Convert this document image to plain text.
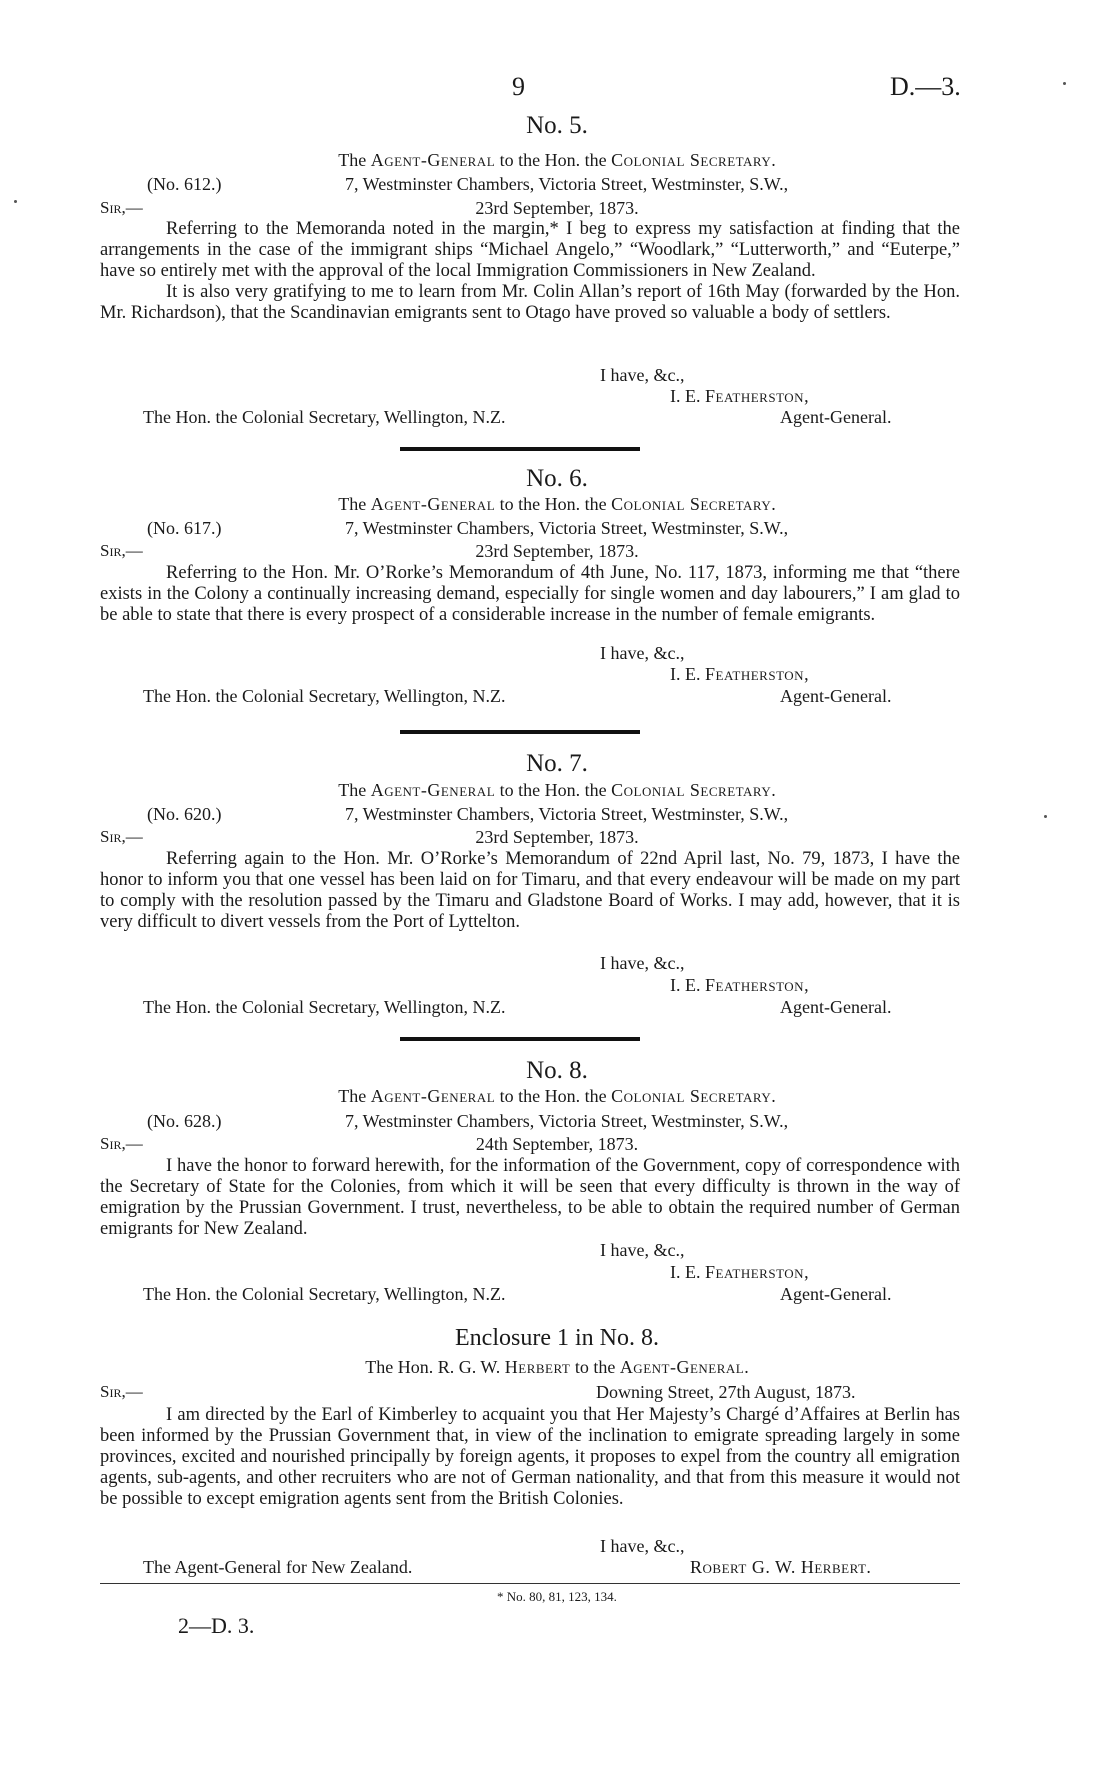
9	D.—3.
No. 5.
The Agent-General to the Hon. the Colonial Secretary.
(No. 612.)	7, Westminster Chambers, Victoria Street, Westminster, S.W.,
Sir,—	23rd September, 1873.

Referring to the Memoranda noted in the margin,* I beg to express my satisfaction at finding that the arrangements in the case of the immigrant ships “Michael Angelo,” “Woodlark,” “Lutterworth,” and “Euterpe,” have so entirely met with the approval of the local Immigration Commissioners in New Zealand.

It is also very gratifying to me to learn from Mr. Colin Allan’s report of 16th May (forwarded by the Hon. Mr. Richardson), that the Scandinavian emigrants sent to Otago have proved so valuable a body of settlers.

I have, &c.,
I. E. Featherston,
The Hon. the Colonial Secretary, Wellington, N.Z.	Agent-General.
No. 6.
The Agent-General to the Hon. the Colonial Secretary.
(No. 617.)	7, Westminster Chambers, Victoria Street, Westminster, S.W.,
Sir,—	23rd September, 1873.

Referring to the Hon. Mr. O’Rorke’s Memorandum of 4th June, No. 117, 1873, informing me that “there exists in the Colony a continually increasing demand, especially for single women and day labourers,” I am glad to be able to state that there is every prospect of a considerable increase in the number of female emigrants.

I have, &c.,
I. E. Featherston,
The Hon. the Colonial Secretary, Wellington, N.Z.	Agent-General.
No. 7.
The Agent-General to the Hon. the Colonial Secretary.
(No. 620.)	7, Westminster Chambers, Victoria Street, Westminster, S.W.,
Sir,—	23rd September, 1873.

Referring again to the Hon. Mr. O’Rorke’s Memorandum of 22nd April last, No. 79, 1873, I have the honor to inform you that one vessel has been laid on for Timaru, and that every endeavour will be made on my part to comply with the resolution passed by the Timaru and Gladstone Board of Works. I may add, however, that it is very difficult to divert vessels from the Port of Lyttelton.

I have, &c.,
I. E. Featherston,
The Hon. the Colonial Secretary, Wellington, N.Z.	Agent-General.
No. 8.
The Agent-General to the Hon. the Colonial Secretary.
(No. 628.)	7, Westminster Chambers, Victoria Street, Westminster, S.W.,
Sir,—	24th September, 1873.

I have the honor to forward herewith, for the information of the Government, copy of correspondence with the Secretary of State for the Colonies, from which it will be seen that every difficulty is thrown in the way of emigration by the Prussian Government. I trust, nevertheless, to be able to obtain the required number of German emigrants for New Zealand.

I have, &c.,
I. E. Featherston,
The Hon. the Colonial Secretary, Wellington, N.Z.	Agent-General.
Enclosure 1 in No. 8.
The Hon. R. G. W. Herbert to the Agent-General.
Sir,—	Downing Street, 27th August, 1873.

I am directed by the Earl of Kimberley to acquaint you that Her Majesty’s Chargé d’Affaires at Berlin has been informed by the Prussian Government that, in view of the inclination to emigrate spreading largely in some provinces, excited and nourished principally by foreign agents, it proposes to expel from the country all emigration agents, sub-agents, and other recruiters who are not of German nationality, and that from this measure it would not be possible to except emigration agents sent from the British Colonies.

I have, &c.,
The Agent-General for New Zealand.	Robert G. W. Herbert.
* No. 80, 81, 123, 134.
2—D. 3.
